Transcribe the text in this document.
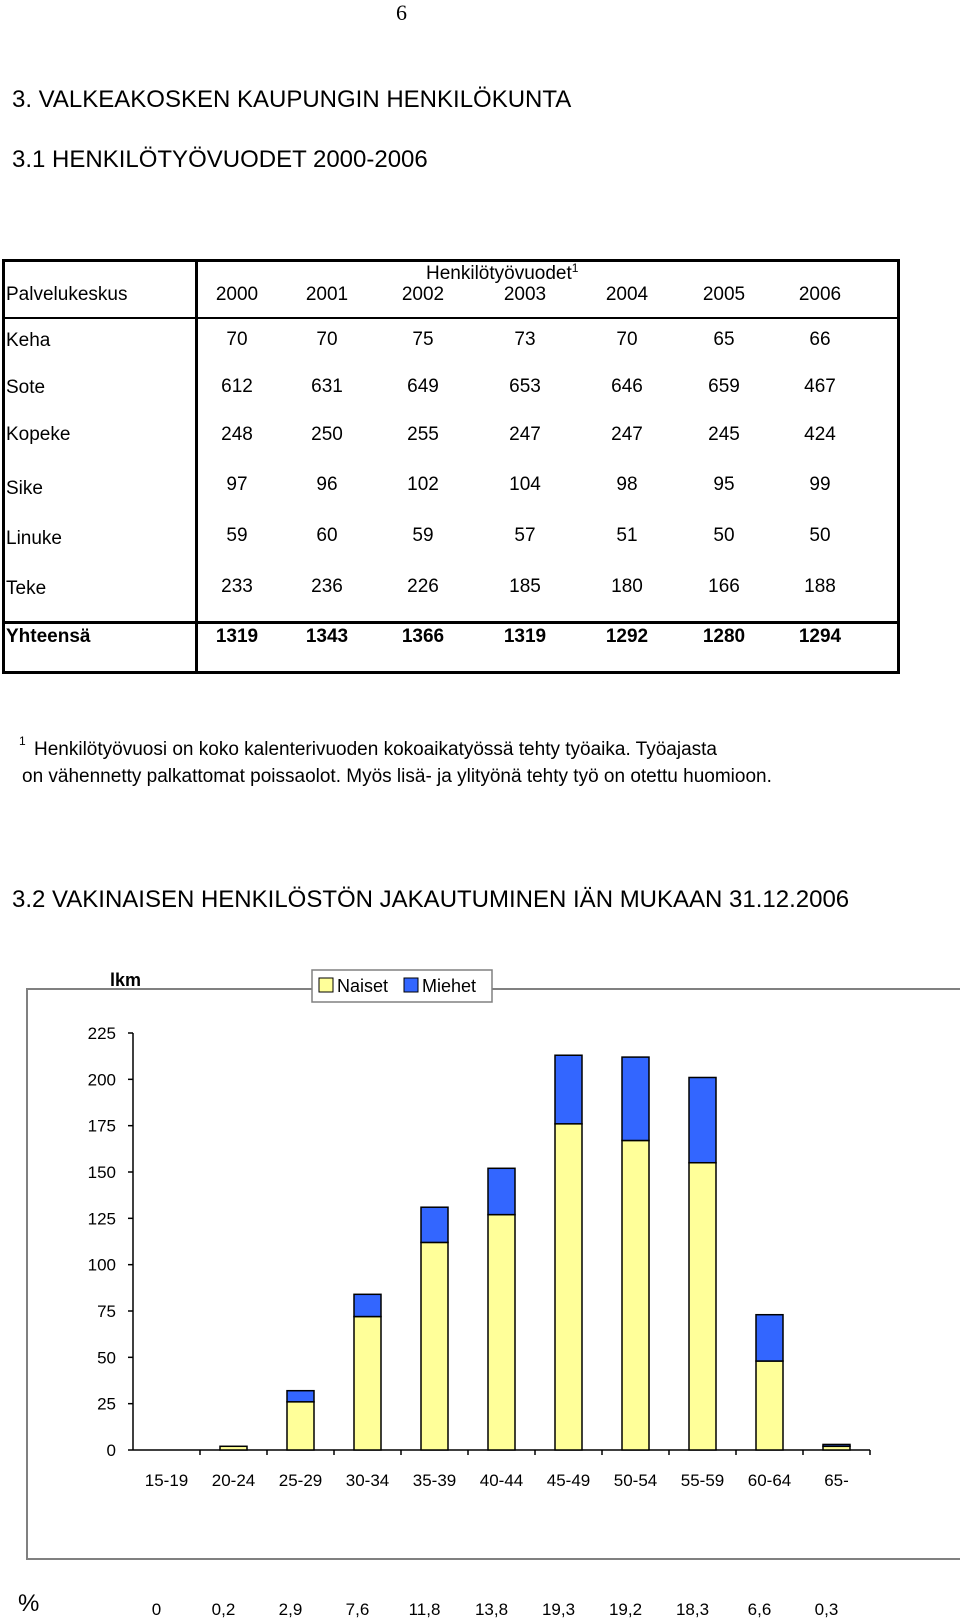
6
3. VALKEAKOSKEN KAUPUNGIN HENKILÖKUNTA
3.1 HENKILÖTYÖVUODET 2000-2006
Henkilötyövuodet$^1$
Palvelukeskus	2000	2001	2002	2003	2004	2005	2006
Keha	70	70	75	73	70	65	66
Sote	612	631	649	653	646	659	467
Kopeke	248	250	255	247	247	245	424
Sike	97	96	102	104	98	95	99
Linuke	59	60	59	57	51	50	50
Teke	233	236	226	185	180	166	188
Yhteensä	1319	1343	1366	1319	1292	1280	1294
1 Henkilötyövuosi on koko kalenterivuoden kokoaikatyössä tehty työaika. Työajasta
on vähennetty palkattomat poissaolot. Myös lisä- ja ylityönä tehty työ on otettu huomioon.
3.2 VAKINAISEN HENKILÖSTÖN JAKAUTUMINEN IÄN MUKAAN 31.12.2006
lkm	Naiset Miehet
0
25
50
75
100
125
150
175
200
225
15-19 20-24 25-29 30-34 35-39 40-44 45-49 50-54 55-59 60-64 65-
%	0	0,2	2,9	7,6 11,8 13,8 19,3 19,2 18,3 6,6	0,3
